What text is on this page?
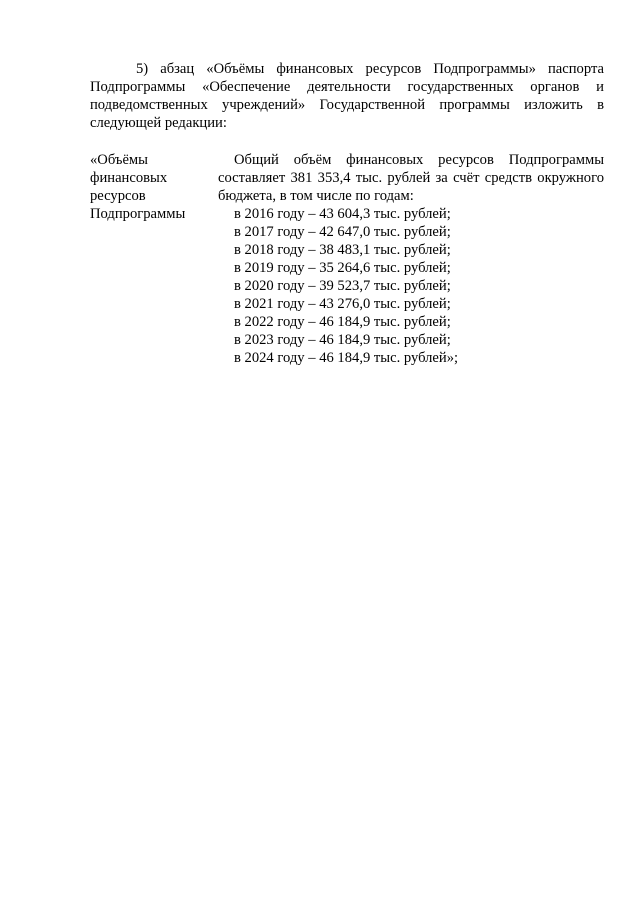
5) абзац «Объёмы финансовых ресурсов Подпрограммы» паспорта Подпрограммы «Обеспечение деятельности государственных органов и подведомственных учреждений» Государственной программы изложить в следующей редакции:

«Объёмы
финансовых
ресурсов
Подпрограммы

Общий объём финансовых ресурсов Подпрограммы составляет 381 353,4 тыс. рублей за счёт средств окружного бюджета, в том числе по годам:

в 2016 году – 43 604,3 тыс. рублей;
в 2017 году – 42 647,0 тыс. рублей;
в 2018 году – 38 483,1 тыс. рублей;
в 2019 году – 35 264,6 тыс. рублей;
в 2020 году – 39 523,7 тыс. рублей;
в 2021 году – 43 276,0 тыс. рублей;
в 2022 году – 46 184,9 тыс. рублей;
в 2023 году – 46 184,9 тыс. рублей;
в 2024 году – 46 184,9 тыс. рублей»;
